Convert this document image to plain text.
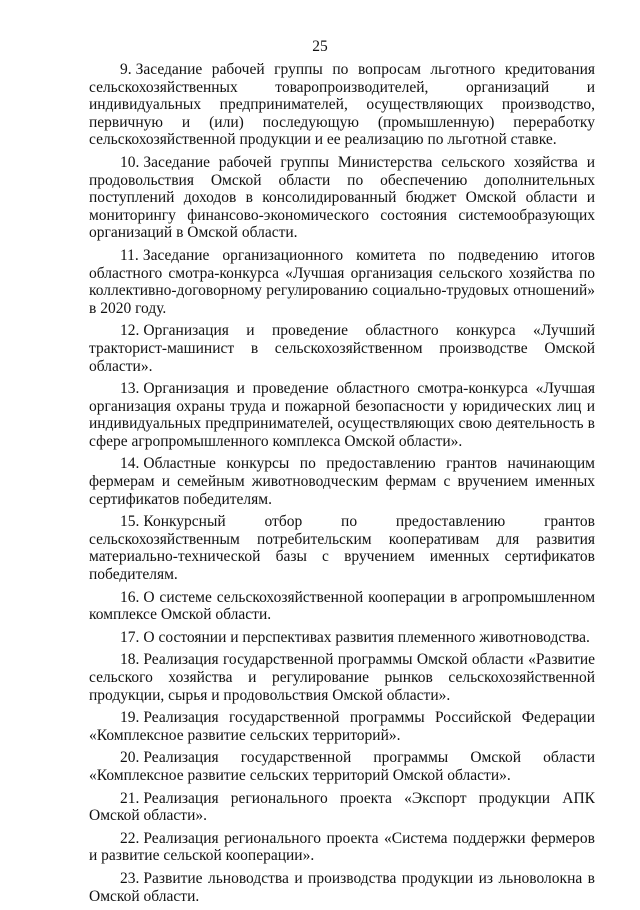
25

9. Заседание рабочей группы по вопросам льготного кредитования сельскохозяйственных товаропроизводителей, организаций и индивидуальных предпринимателей, осуществляющих производство, первичную и (или) последующую (промышленную) переработку сельскохозяйственной продукции и ее реализацию по льготной ставке.

10. Заседание рабочей группы Министерства сельского хозяйства и продовольствия Омской области по обеспечению дополнительных поступлений доходов в консолидированный бюджет Омской области и мониторингу финансово-экономического состояния системообразующих организаций в Омской области.

11. Заседание организационного комитета по подведению итогов областного смотра-конкурса «Лучшая организация сельского хозяйства по коллективно-договорному регулированию социально-трудовых отношений» в 2020 году.

12. Организация и проведение областного конкурса «Лучший тракторист-машинист в сельскохозяйственном производстве Омской области».

13. Организация и проведение областного смотра-конкурса «Лучшая организация охраны труда и пожарной безопасности у юридических лиц и индивидуальных предпринимателей, осуществляющих свою деятельность в сфере агропромышленного комплекса Омской области».

14. Областные конкурсы по предоставлению грантов начинающим фермерам и семейным животноводческим фермам с вручением именных сертификатов победителям.

15. Конкурсный отбор по предоставлению грантов сельскохозяйственным потребительским кооперативам для развития материально-технической базы с вручением именных сертификатов победителям.

16. О системе сельскохозяйственной кооперации в агропромышленном комплексе Омской области.

17. О состоянии и перспективах развития племенного животноводства.

18. Реализация государственной программы Омской области «Развитие сельского хозяйства и регулирование рынков сельскохозяйственной продукции, сырья и продовольствия Омской области».

19. Реализация государственной программы Российской Федерации «Комплексное развитие сельских территорий».

20. Реализация государственной программы Омской области «Комплексное развитие сельских территорий Омской области».

21. Реализация регионального проекта «Экспорт продукции АПК Омской области».

22. Реализация регионального проекта «Система поддержки фермеров и развитие сельской кооперации».

23. Развитие льноводства и производства продукции из льноволокна в Омской области.
